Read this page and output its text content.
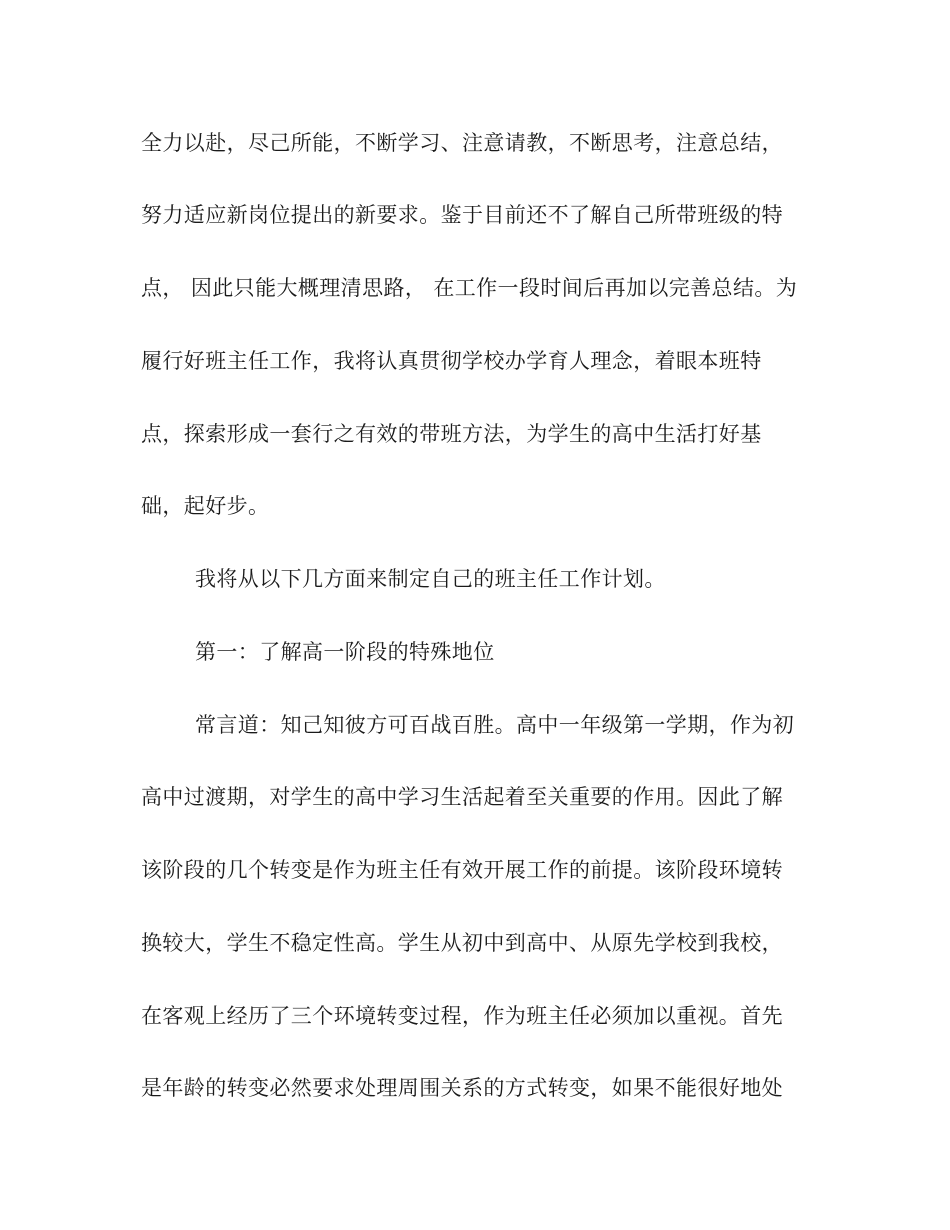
全力以赴，尽己所能，不断学习、注意请教，不断思考，注意总结，
努力适应新岗位提出的新要求。鉴于目前还不了解自己所带班级的特
点， 因此只能大概理清思路， 在工作一段时间后再加以完善总结。为
履行好班主任工作，我将认真贯彻学校办学育人理念，着眼本班特
点，探索形成一套行之有效的带班方法，为学生的高中生活打好基
础，起好步。
我将从以下几方面来制定自己的班主任工作计划。
第一：了解高一阶段的特殊地位
常言道：知己知彼方可百战百胜。高中一年级第一学期，作为初
高中过渡期，对学生的高中学习生活起着至关重要的作用。因此了解
该阶段的几个转变是作为班主任有效开展工作的前提。该阶段环境转
换较大，学生不稳定性高。学生从初中到高中、从原先学校到我校，
在客观上经历了三个环境转变过程，作为班主任必须加以重视。首先
是年龄的转变必然要求处理周围关系的方式转变，如果不能很好地处
